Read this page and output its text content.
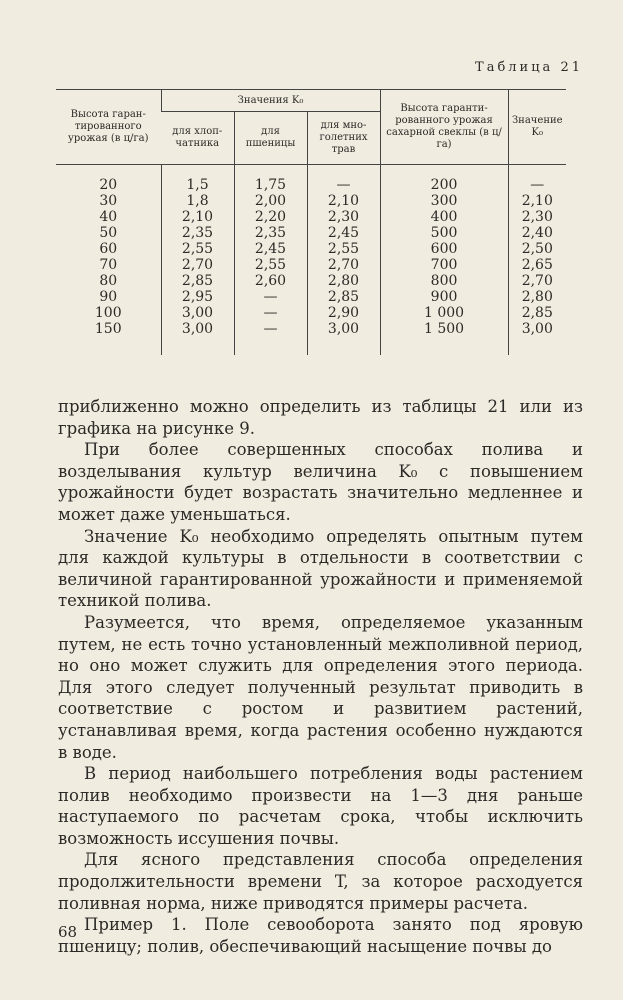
Таблица 21
Высота гаран-тированного урожая (в ц/га)	Значения K₀			Высота гаранти-рованного урожая сахарной свеклы (в ц/га)	Значение K₀
	для хлоп-чатника	для пшеницы	для мно-голетних трав		
20	1,5	1,75	—	200	—
30	1,8	2,00	2,10	300	2,10
40	2,10	2,20	2,30	400	2,30
50	2,35	2,35	2,45	500	2,40
60	2,55	2,45	2,55	600	2,50
70	2,70	2,55	2,70	700	2,65
80	2,85	2,60	2,80	800	2,70
90	2,95	—	2,85	900	2,80
100	3,00	—	2,90	1 000	2,85
150	3,00	—	3,00	1 500	3,00

приближенно можно определить из таблицы 21 или из графика на рисунке 9.

При более совершенных способах полива и возделывания культур величина K₀ с повышением урожайности будет возрастать значительно медленнее и может даже уменьшаться.

Значение K₀ необходимо определять опытным путем для каждой культуры в отдельности в соответствии с величиной гарантированной урожайности и применяемой техникой полива.

Разумеется, что время, определяемое указанным путем, не есть точно установленный межполивной период, но оно может служить для определения этого периода. Для этого следует полученный результат приводить в соответствие с ростом и развитием растений, устанавливая время, когда растения особенно нуждаются в воде.

В период наибольшего потребления воды растением полив необходимо произвести на 1—3 дня раньше наступаемого по расчетам срока, чтобы исключить возможность иссушения почвы.

Для ясного представления способа определения продолжительности времени T, за которое расходуется поливная норма, ниже приводятся примеры расчета.

Пример 1. Поле севооборота занято под яровую пшеницу; полив, обеспечивающий насыщение почвы до

68
